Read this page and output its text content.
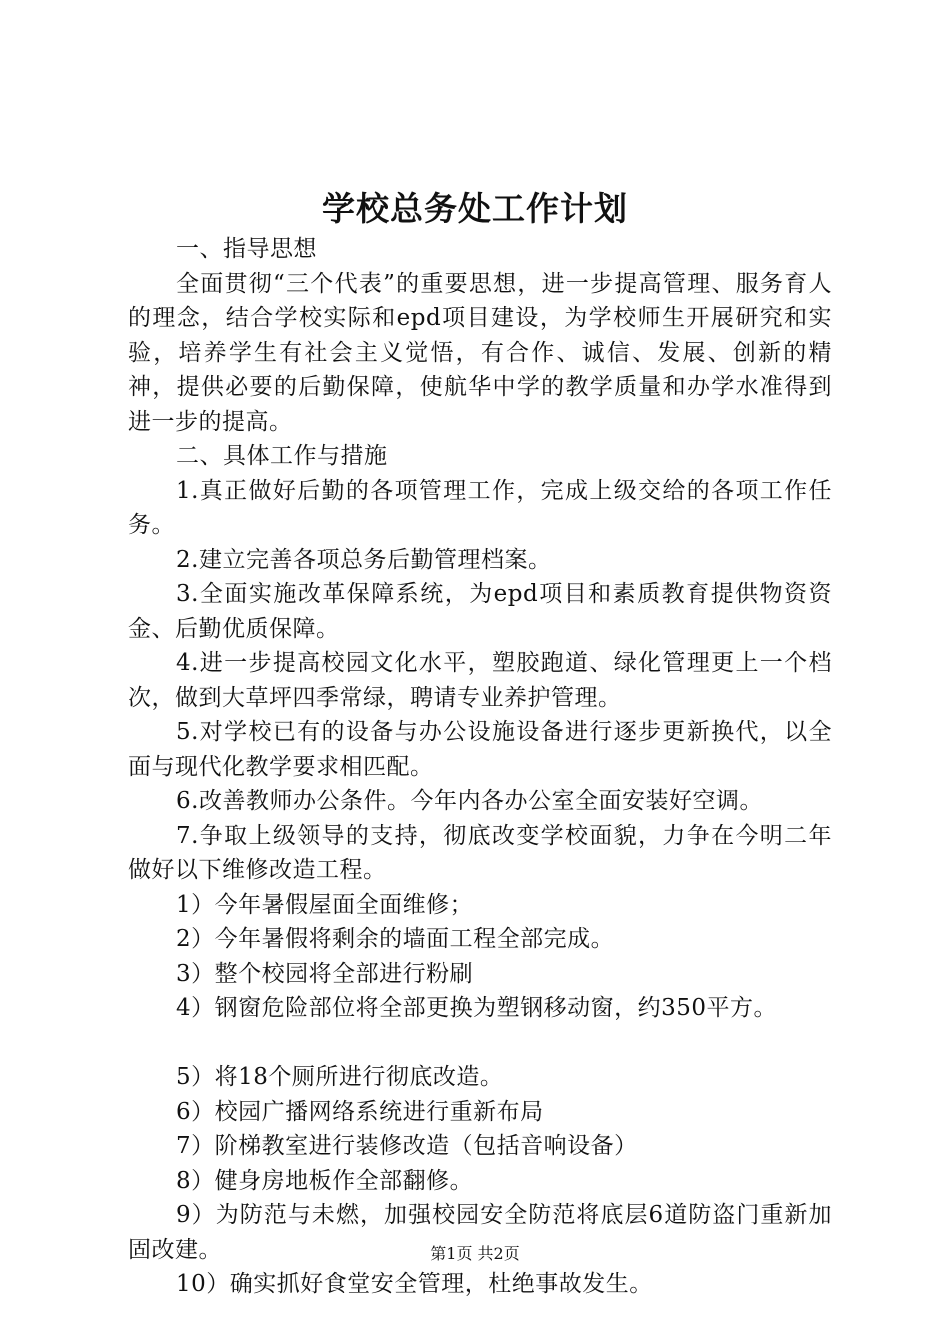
学校总务处工作计划

一、指导思想

全面贯彻“三个代表”的重要思想，进一步提高管理、服务育人的理念，结合学校实际和epd项目建设，为学校师生开展研究和实验，培养学生有社会主义觉悟，有合作、诚信、发展、创新的精神，提供必要的后勤保障，使航华中学的教学质量和办学水准得到进一步的提高。

二、具体工作与措施

1.真正做好后勤的各项管理工作，完成上级交给的各项工作任务。

2.建立完善各项总务后勤管理档案。

3.全面实施改革保障系统，为epd项目和素质教育提供物资资金、后勤优质保障。

4.进一步提高校园文化水平，塑胶跑道、绿化管理更上一个档次，做到大草坪四季常绿，聘请专业养护管理。

5.对学校已有的设备与办公设施设备进行逐步更新换代，以全面与现代化教学要求相匹配。

6.改善教师办公条件。今年内各办公室全面安装好空调。

7.争取上级领导的支持，彻底改变学校面貌，力争在今明二年做好以下维修改造工程。

1）今年暑假屋面全面维修；

2）今年暑假将剩余的墙面工程全部完成。

3）整个校园将全部进行粉刷

4）钢窗危险部位将全部更换为塑钢移动窗，约350平方。

5）将18个厕所进行彻底改造。

6）校园广播网络系统进行重新布局

7）阶梯教室进行装修改造（包括音响设备）

8）健身房地板作全部翻修。

9）为防范与未燃，加强校园安全防范将底层6道防盗门重新加固改建。

10）确实抓好食堂安全管理，杜绝事故发生。

第1页 共2页
